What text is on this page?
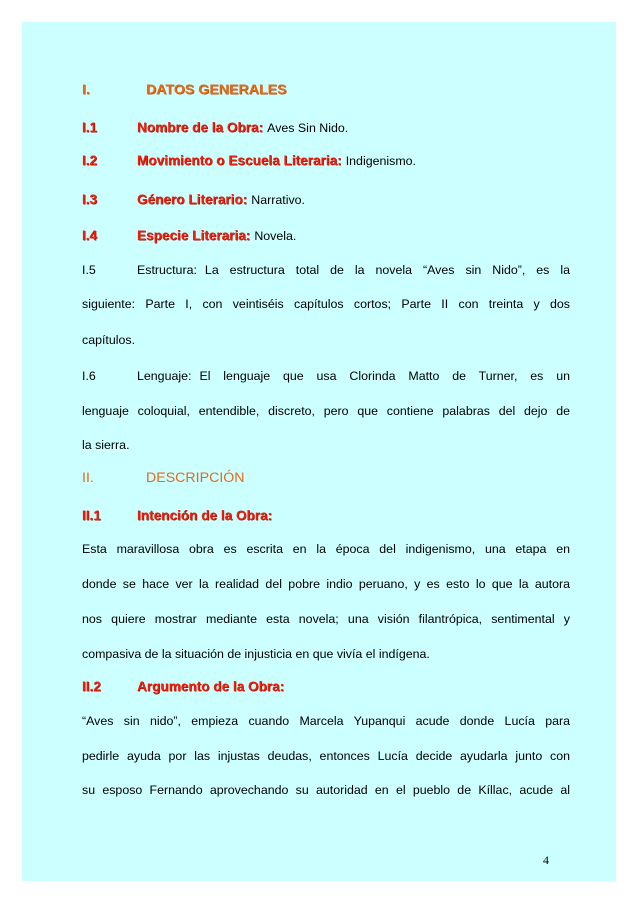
I.	DATOS GENERALES
I.1	Nombre de la Obra: Aves Sin Nido.
I.2	Movimiento o Escuela Literaria: Indigenismo.
I.3	Género Literario: Narrativo.
I.4	Especie Literaria: Novela.
I.5	Estructura: La estructura total de la novela “Aves sin Nido”, es la
siguiente: Parte I, con veintiséis capítulos cortos; Parte II con treinta y dos
capítulos.
I.6	Lenguaje: El lenguaje que usa Clorinda Matto de Turner, es un
lenguaje coloquial, entendible, discreto, pero que contiene palabras del dejo de
la sierra.
II.	DESCRIPCIÓN
II.1	Intención de la Obra:
Esta maravillosa obra es escrita en la época del indigenismo, una etapa en
donde se hace ver la realidad del pobre indio peruano, y es esto lo que la autora
nos quiere mostrar mediante esta novela; una visión filantrópica, sentimental y
compasiva de la situación de injusticia en que vivía el indígena.
II.2	Argumento de la Obra:
“Aves sin nido”, empieza cuando Marcela Yupanqui acude donde Lucía para
pedirle ayuda por las injustas deudas, entonces Lucía decide ayudarla junto con
su esposo Fernando aprovechando su autoridad en el pueblo de Kíllac, acude al
4
